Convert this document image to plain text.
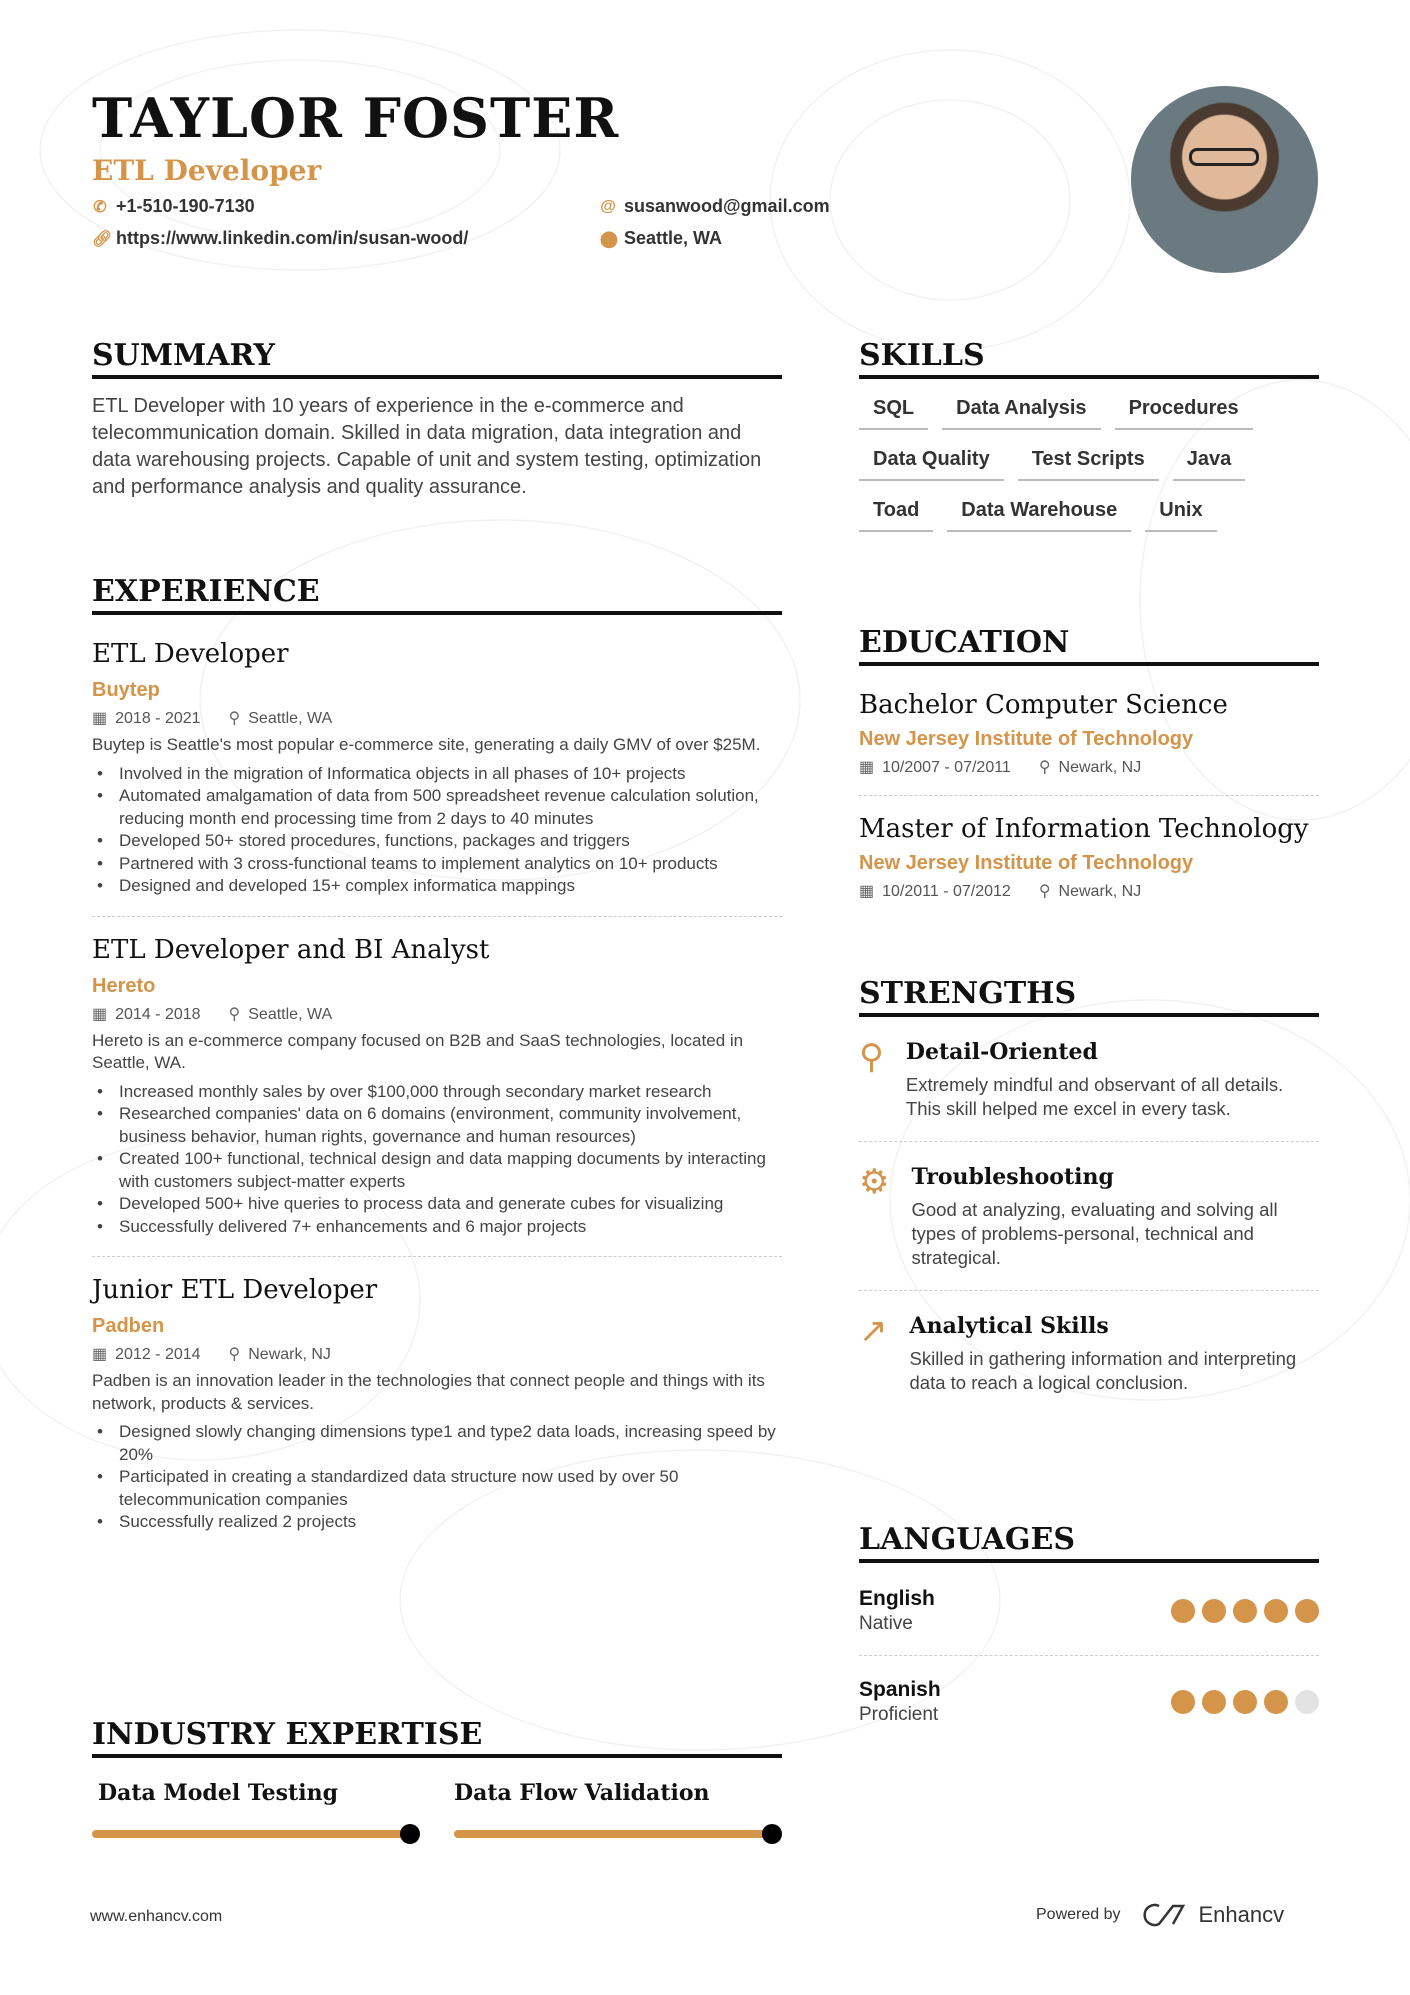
TAYLOR FOSTER
ETL Developer
✆ +1-510-190-7130
🔗︎ https://www.linkedin.com/in/susan-wood/
@ susanwood@gmail.com
⬤ Seattle, WA
SUMMARY

ETL Developer with 10 years of experience in the e-commerce and telecommunication domain. Skilled in data migration, data integration and data warehousing projects. Capable of unit and system testing, optimization and performance analysis and quality assurance.

EXPERIENCE
ETL Developer
Buytep
▦ 2018 - 2021 ⚲ Seattle, WA
Buytep is Seattle's most popular e-commerce site, generating a daily GMV of over $25M.
• Involved in the migration of Informatica objects in all phases of 10+ projects
• Automated amalgamation of data from 500 spreadsheet revenue calculation solution, reducing month end processing time from 2 days to 40 minutes
• Developed 50+ stored procedures, functions, packages and triggers
• Partnered with 3 cross-functional teams to implement analytics on 10+ products
• Designed and developed 15+ complex informatica mappings
ETL Developer and BI Analyst
Hereto
▦ 2014 - 2018 ⚲ Seattle, WA
Hereto is an e-commerce company focused on B2B and SaaS technologies, located in Seattle, WA.
• Increased monthly sales by over $100,000 through secondary market research
• Researched companies' data on 6 domains (environment, community involvement, business behavior, human rights, governance and human resources)
• Created 100+ functional, technical design and data mapping documents by interacting with customers subject-matter experts
• Developed 500+ hive queries to process data and generate cubes for visualizing
• Successfully delivered 7+ enhancements and 6 major projects
Junior ETL Developer
Padben
▦ 2012 - 2014 ⚲ Newark, NJ
Padben is an innovation leader in the technologies that connect people and things with its network, products & services.
• Designed slowly changing dimensions type1 and type2 data loads, increasing speed by 20%
• Participated in creating a standardized data structure now used by over 50 telecommunication companies
• Successfully realized 2 projects
INDUSTRY EXPERTISE
Data Model Testing	Data Flow Validation
SKILLS
SQL	Data Analysis	Procedures
Data Quality	Test Scripts	Java
Toad	Data Warehouse	Unix
EDUCATION
Bachelor Computer Science
New Jersey Institute of Technology
▦ 10/2007 - 07/2011 ⚲ Newark, NJ
Master of Information Technology
New Jersey Institute of Technology
▦ 10/2011 - 07/2012 ⚲ Newark, NJ
STRENGTHS
⚲ Detail-Oriented
Extremely mindful and observant of all details. This skill helped me excel in every task.
⚙ Troubleshooting
Good at analyzing, evaluating and solving all types of problems-personal, technical and strategical.
↗ Analytical Skills
Skilled in gathering information and interpreting data to reach a logical conclusion.
LANGUAGES
English
Native
Spanish
Proficient
www.enhancv.com	Powered by	Enhancv
